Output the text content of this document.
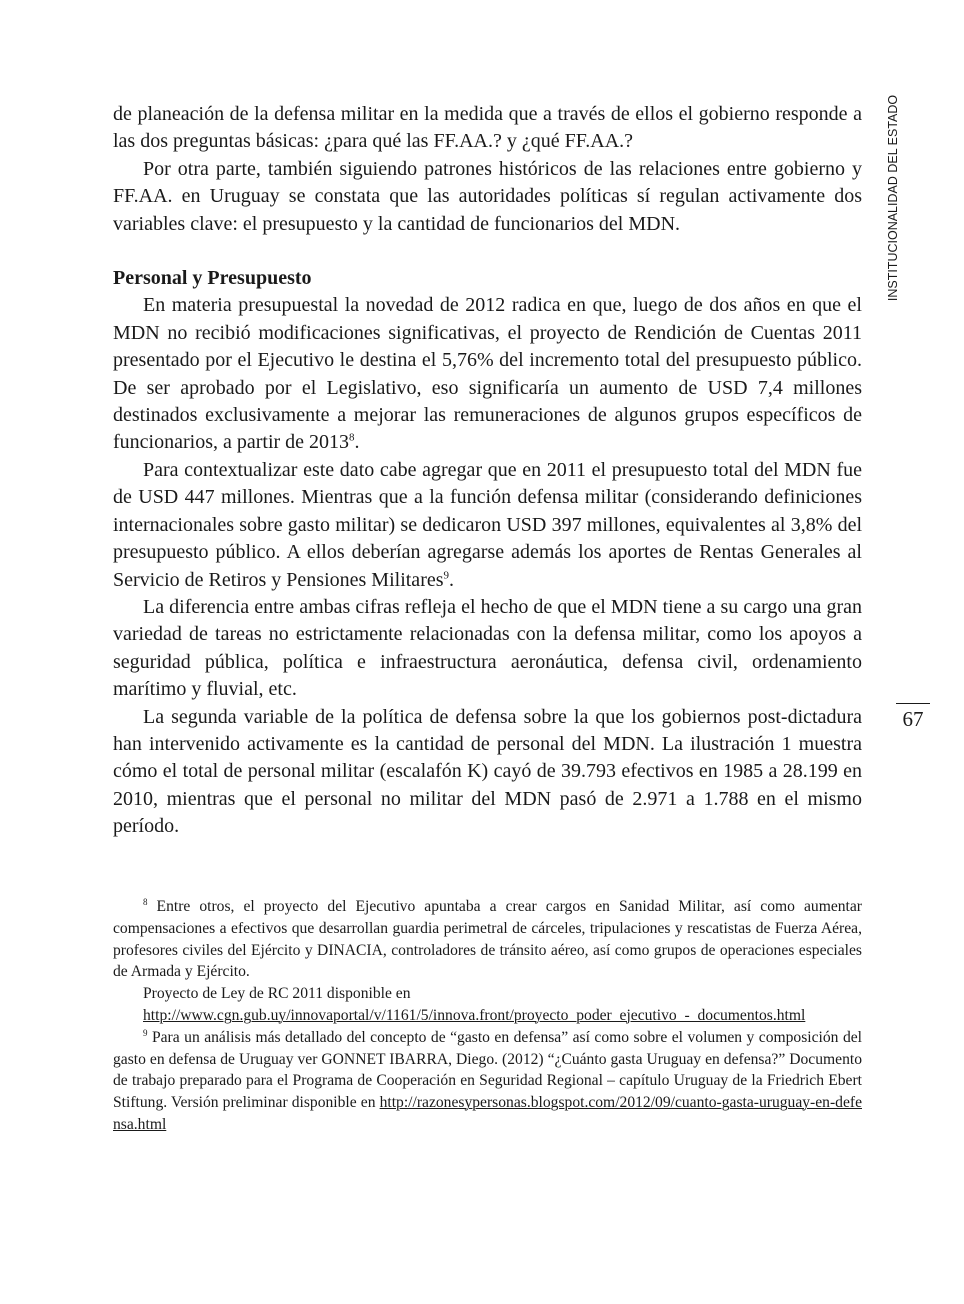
INSTITUCIONALIDAD DEL ESTADO
67

de planeación de la defensa militar en la medida que a través de ellos el gobierno responde a las dos preguntas básicas: ¿para qué las FF.AA.? y ¿qué FF.AA.?

Por otra parte, también siguiendo patrones históricos de las relaciones entre gobierno y FF.AA. en Uruguay se constata que las autoridades políticas sí regulan activamente dos variables clave: el presupuesto y la cantidad de funcionarios del MDN.

Personal y Presupuesto

En materia presupuestal la novedad de 2012 radica en que, luego de dos años en que el MDN no recibió modificaciones significativas, el proyecto de Rendición de Cuentas 2011 presentado por el Ejecutivo le destina el 5,76% del incremento total del presupuesto público. De ser aprobado por el Legislativo, eso significaría un aumento de USD 7,4 millones destinados exclusivamente a mejorar las remuneraciones de algunos grupos específicos de funcionarios, a partir de 2013$^8$.

Para contextualizar este dato cabe agregar que en 2011 el presupuesto total del MDN fue de USD 447 millones. Mientras que a la función defensa militar (considerando definiciones internacionales sobre gasto militar) se dedicaron USD 397 millones, equivalentes al 3,8% del presupuesto público. A ellos deberían agregarse además los aportes de Rentas Generales al Servicio de Retiros y Pensiones Militares$^9$.

La diferencia entre ambas cifras refleja el hecho de que el MDN tiene a su cargo una gran variedad de tareas no estrictamente relacionadas con la defensa militar, como los apoyos a seguridad pública, política e infraestructura aeronáutica, defensa civil, ordenamiento marítimo y fluvial, etc.

La segunda variable de la política de defensa sobre la que los gobiernos post-dictadura han intervenido activamente es la cantidad de personal del MDN. La ilustración 1 muestra cómo el total de personal militar (escalafón K) cayó de 39.793 efectivos en 1985 a 28.199 en 2010, mientras que el personal no militar del MDN pasó de 2.971 a 1.788 en el mismo período.

$^8$ Entre otros, el proyecto del Ejecutivo apuntaba a crear cargos en Sanidad Militar, así como aumentar compensaciones a efectivos que desarrollan guardia perimetral de cárceles, tripulaciones y rescatistas de Fuerza Aérea, profesores civiles del Ejército y DINACIA, controladores de tránsito aéreo, así como grupos de operaciones especiales de Armada y Ejército.

Proyecto de Ley de RC 2011 disponible en

http://www.cgn.gub.uy/innovaportal/v/1161/5/innova.front/proyecto_poder_ejecutivo_-_documentos.html

$^9$ Para un análisis más detallado del concepto de “gasto en defensa” así como sobre el volumen y composición del gasto en defensa de Uruguay ver GONNET IBARRA, Diego. (2012) “¿Cuánto gasta Uruguay en defensa?” Documento de trabajo preparado para el Programa de Cooperación en Seguridad Regional – capítulo Uruguay de la Friedrich Ebert Stiftung. Versión preliminar disponible en http://razonesypersonas.blogspot.com/2012/09/cuanto-gasta-uruguay-en-defensa.html
